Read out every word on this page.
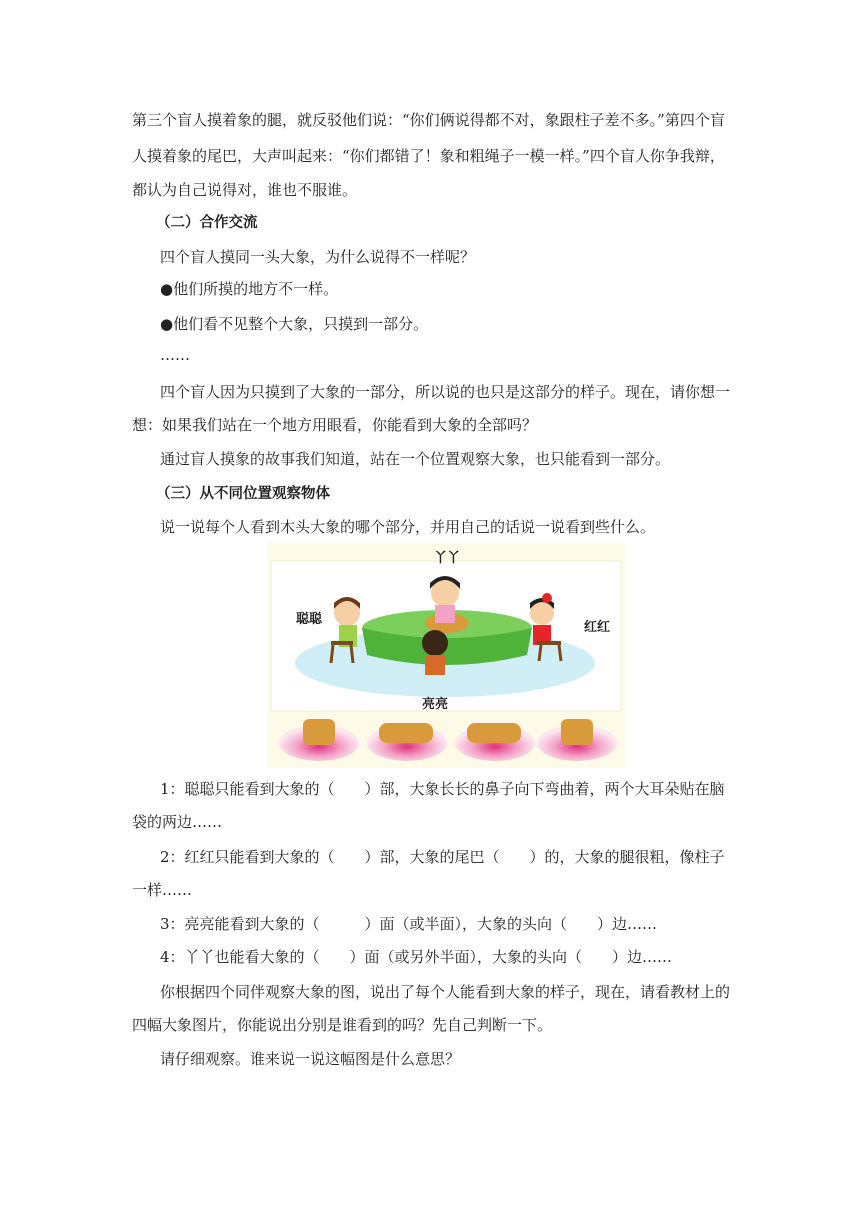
第三个盲人摸着象的腿，就反驳他们说：“你们俩说得都不对，象跟柱子差不多。”第四个盲

人摸着象的尾巴，大声叫起来：“你们都错了！象和粗绳子一模一样。”四个盲人你争我辩，

都认为自己说得对，谁也不服谁。

（二）合作交流

四个盲人摸同一头大象，为什么说得不一样呢？

●他们所摸的地方不一样。

●他们看不见整个大象，只摸到一部分。

……

四个盲人因为只摸到了大象的一部分，所以说的也只是这部分的样子。现在，请你想一

想：如果我们站在一个地方用眼看，你能看到大象的全部吗？

通过盲人摸象的故事我们知道，站在一个位置观察大象，也只能看到一部分。

（三）从不同位置观察物体

说一说每个人看到木头大象的哪个部分，并用自己的话说一说看到些什么。

丫丫
聪聪
红红
亮亮

1：聪聪只能看到大象的（　　）部，大象长长的鼻子向下弯曲着，两个大耳朵贴在脑

袋的两边……

2：红红只能看到大象的（　　）部，大象的尾巴（　　）的，大象的腿很粗，像柱子

一样……

3：亮亮能看到大象的（　　　）面（或半面），大象的头向（　　）边……

4：丫丫也能看大象的（　　）面（或另外半面），大象的头向（　　）边……

你根据四个同伴观察大象的图，说出了每个人能看到大象的样子，现在，请看教材上的

四幅大象图片，你能说出分别是谁看到的吗？先自己判断一下。

请仔细观察。谁来说一说这幅图是什么意思？
